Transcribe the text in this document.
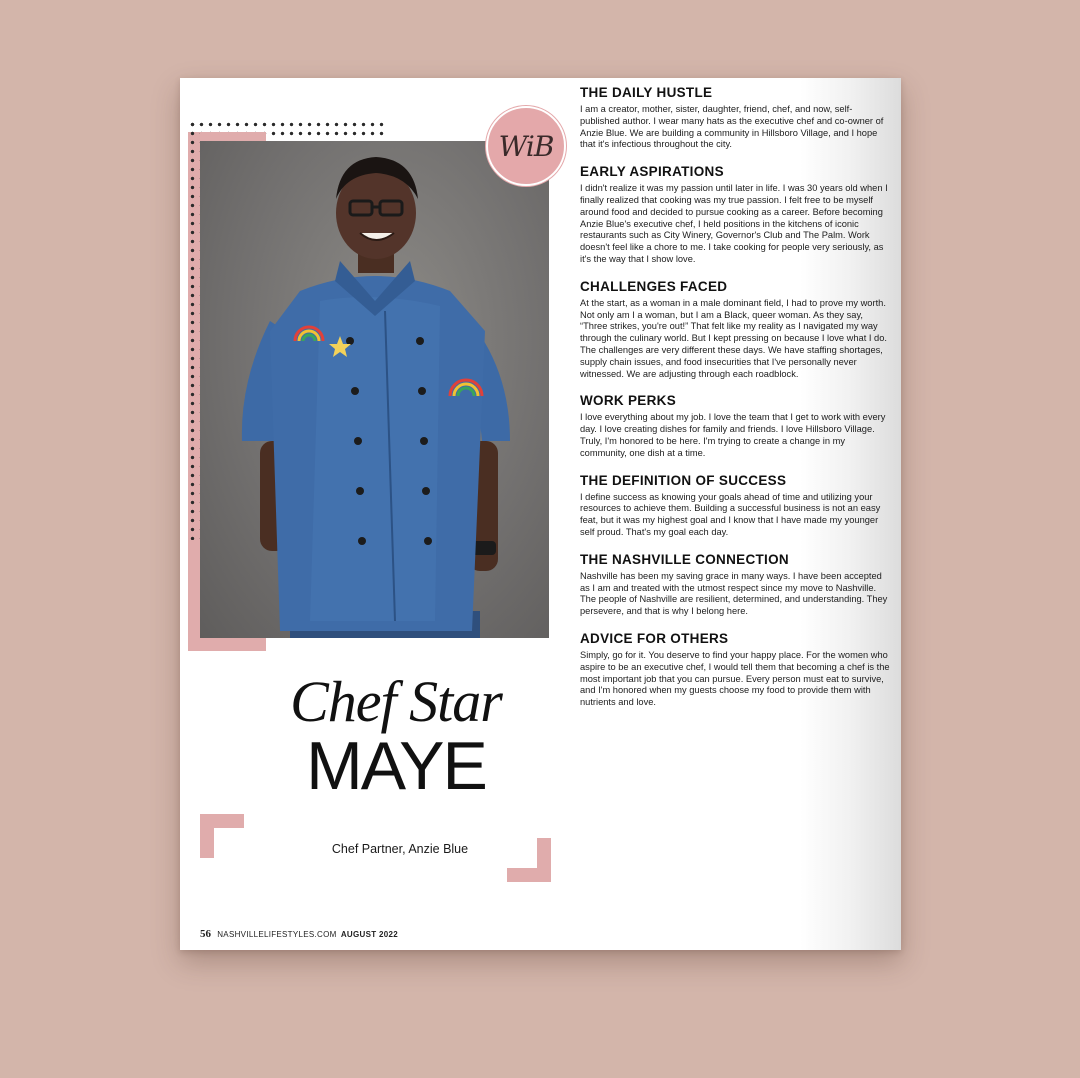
WiB
Chef Star
MAYE
Chef Partner, Anzie Blue
56 NASHVILLELIFESTYLES.COM AUGUST 2022
THE DAILY HUSTLE

I am a creator, mother, sister, daughter, friend, chef, and now, self-published author. I wear many hats as the executive chef and co-owner of Anzie Blue. We are building a community in Hillsboro Village, and I hope that it's infectious throughout the city.

EARLY ASPIRATIONS

I didn't realize it was my passion until later in life. I was 30 years old when I finally realized that cooking was my true passion. I felt free to be myself around food and decided to pursue cooking as a career. Before becoming Anzie Blue's executive chef, I held positions in the kitchens of iconic restaurants such as City Winery, Governor's Club and The Palm. Work doesn't feel like a chore to me. I take cooking for people very seriously, as it's the way that I show love.

CHALLENGES FACED

At the start, as a woman in a male dominant field, I had to prove my worth. Not only am I a woman, but I am a Black, queer woman. As they say, “Three strikes, you're out!” That felt like my reality as I navigated my way through the culinary world. But I kept pressing on because I love what I do. The challenges are very different these days. We have staffing shortages, supply chain issues, and food insecurities that I've personally never witnessed. We are adjusting through each roadblock.

WORK PERKS

I love everything about my job. I love the team that I get to work with every day. I love creating dishes for family and friends. I love Hillsboro Village. Truly, I'm honored to be here. I'm trying to create a change in my community, one dish at a time.

THE DEFINITION OF SUCCESS

I define success as knowing your goals ahead of time and utilizing your resources to achieve them. Building a successful business is not an easy feat, but it was my highest goal and I know that I have made my younger self proud. That's my goal each day.

THE NASHVILLE CONNECTION

Nashville has been my saving grace in many ways. I have been accepted as I am and treated with the utmost respect since my move to Nashville. The people of Nashville are resilient, determined, and understanding. They persevere, and that is why I belong here.

ADVICE FOR OTHERS

Simply, go for it. You deserve to find your happy place. For the women who aspire to be an executive chef, I would tell them that becoming a chef is the most important job that you can pursue. Every person must eat to survive, and I'm honored when my guests choose my food to provide them with nutrients and love.
